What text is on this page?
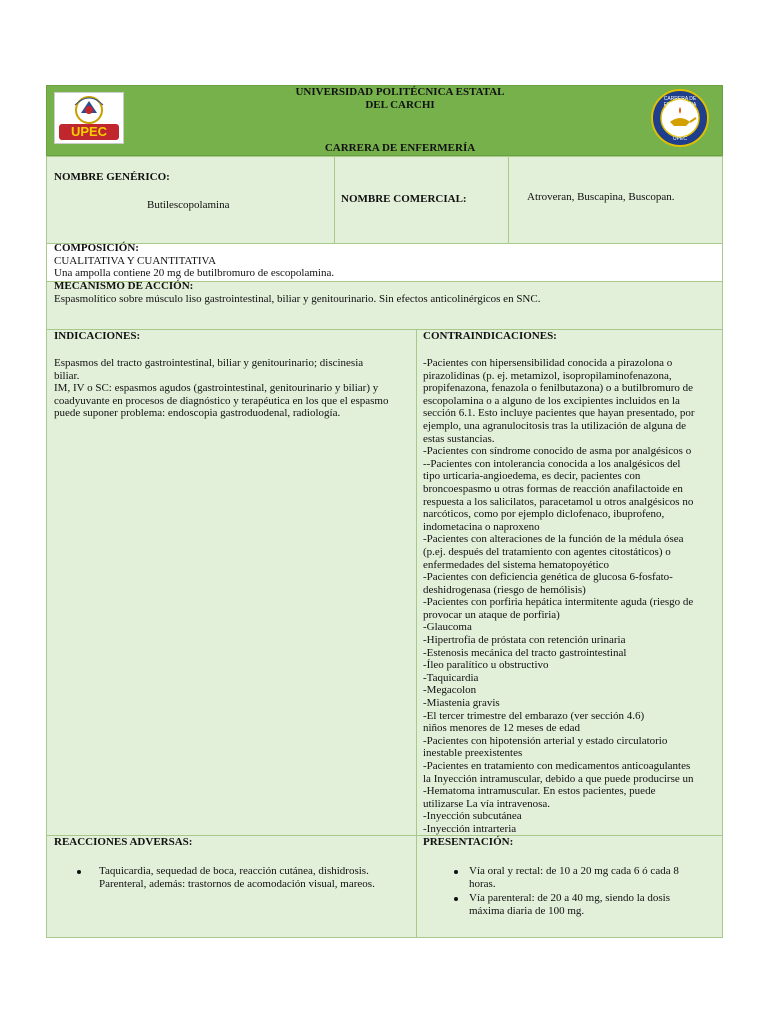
UPEC
UNIVERSIDAD POLITÉCNICA ESTATAL
DEL CARCHI
CARRERA DE ENFERMERÍA
CARRERA DE ENFERMERIA
UPEC
NOMBRE GENÉRICO:
Butilescopolamina	NOMBRE COMERCIAL:	Atroveran, Buscapina, Buscopan.
COMPOSICIÓN:
CUALITATIVA Y CUANTITATIVA
Una ampolla contiene 20 mg de butilbromuro de escopolamina.
MECANISMO DE ACCIÓN:
Espasmolítico sobre músculo liso gastrointestinal, biliar y genitourinario. Sin efectos anticolinérgicos en SNC.
INDICACIONES:
Espasmos del tracto gastrointestinal, biliar y genitourinario; discinesia
biliar.
IM, IV o SC: espasmos agudos (gastrointestinal, genitourinario y biliar) y
coadyuvante en procesos de diagnóstico y terapéutica en los que el espasmo
puede suponer problema: endoscopia gastroduodenal, radiología.
CONTRAINDICACIONES:
-Pacientes con hipersensibilidad conocida a pirazolona o
pirazolidinas (p. ej. metamizol, isopropilaminofenazona,
propifenazona, fenazola o fenilbutazona) o a butilbromuro de
escopolamina o a alguno de los excipientes incluidos en la
sección 6.1. Esto incluye pacientes que hayan presentado, por
ejemplo, una agranulocitosis tras la utilización de alguna de
estas sustancias.
-Pacientes con síndrome conocido de asma por analgésicos o
--Pacientes con intolerancia conocida a los analgésicos del
tipo urticaria-angioedema, es decir, pacientes con
broncoespasmo u otras formas de reacción anafilactoide en
respuesta a los salicilatos, paracetamol u otros analgésicos no
narcóticos, como por ejemplo diclofenaco, ibuprofeno,
indometacina o naproxeno
-Pacientes con alteraciones de la función de la médula ósea
(p.ej. después del tratamiento con agentes citostáticos) o
enfermedades del sistema hematopoyético
-Pacientes con deficiencia genética de glucosa 6-fosfato-
deshidrogenasa (riesgo de hemólisis)
-Pacientes con porfiria hepática intermitente aguda (riesgo de
provocar un ataque de porfiria)
-Glaucoma
-Hipertrofia de próstata con retención urinaria
-Estenosis mecánica del tracto gastrointestinal
-Íleo paralítico u obstructivo
-Taquicardia
-Megacolon
-Miastenia gravis
-El tercer trimestre del embarazo (ver sección 4.6)
niños menores de 12 meses de edad
-Pacientes con hipotensión arterial y estado circulatorio
inestable preexistentes
-Pacientes en tratamiento con medicamentos anticoagulantes
la Inyección intramuscular, debido a que puede producirse un
-Hematoma intramuscular. En estos pacientes, puede
utilizarse La vía intravenosa.
-Inyección subcutánea
-Inyección intrarteria
REACCIONES ADVERSAS:
Taquicardia, sequedad de boca, reacción cutánea, dishidrosis.
Parenteral, además: trastornos de acomodación visual, mareos.
PRESENTACIÓN:
Vía oral y rectal: de 10 a 20 mg cada 6 ó cada 8
horas.
Vía parenteral: de 20 a 40 mg, siendo la dosis
máxima diaria de 100 mg.
